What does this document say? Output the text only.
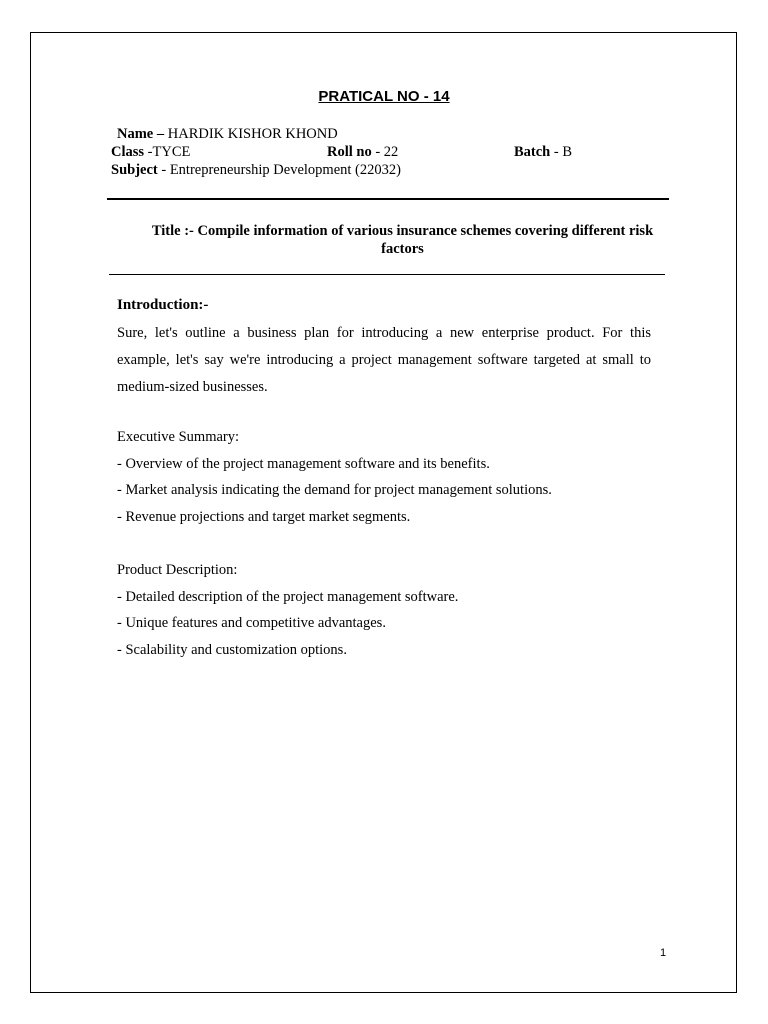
PRATICAL NO - 14
Name – HARDIK KISHOR KHOND
Class -TYCE	Roll no - 22	Batch - B
Subject - Entrepreneurship Development (22032)
Title :- Compile information of various insurance schemes covering different risk factors
Introduction:-
Sure, let's outline a business plan for introducing a new enterprise product. For this example, let's say we're introducing a project management software targeted at small to medium-sized businesses.
Executive Summary:
- Overview of the project management software and its benefits.
- Market analysis indicating the demand for project management solutions.
- Revenue projections and target market segments.
Product Description:
- Detailed description of the project management software.
- Unique features and competitive advantages.
- Scalability and customization options.
1
